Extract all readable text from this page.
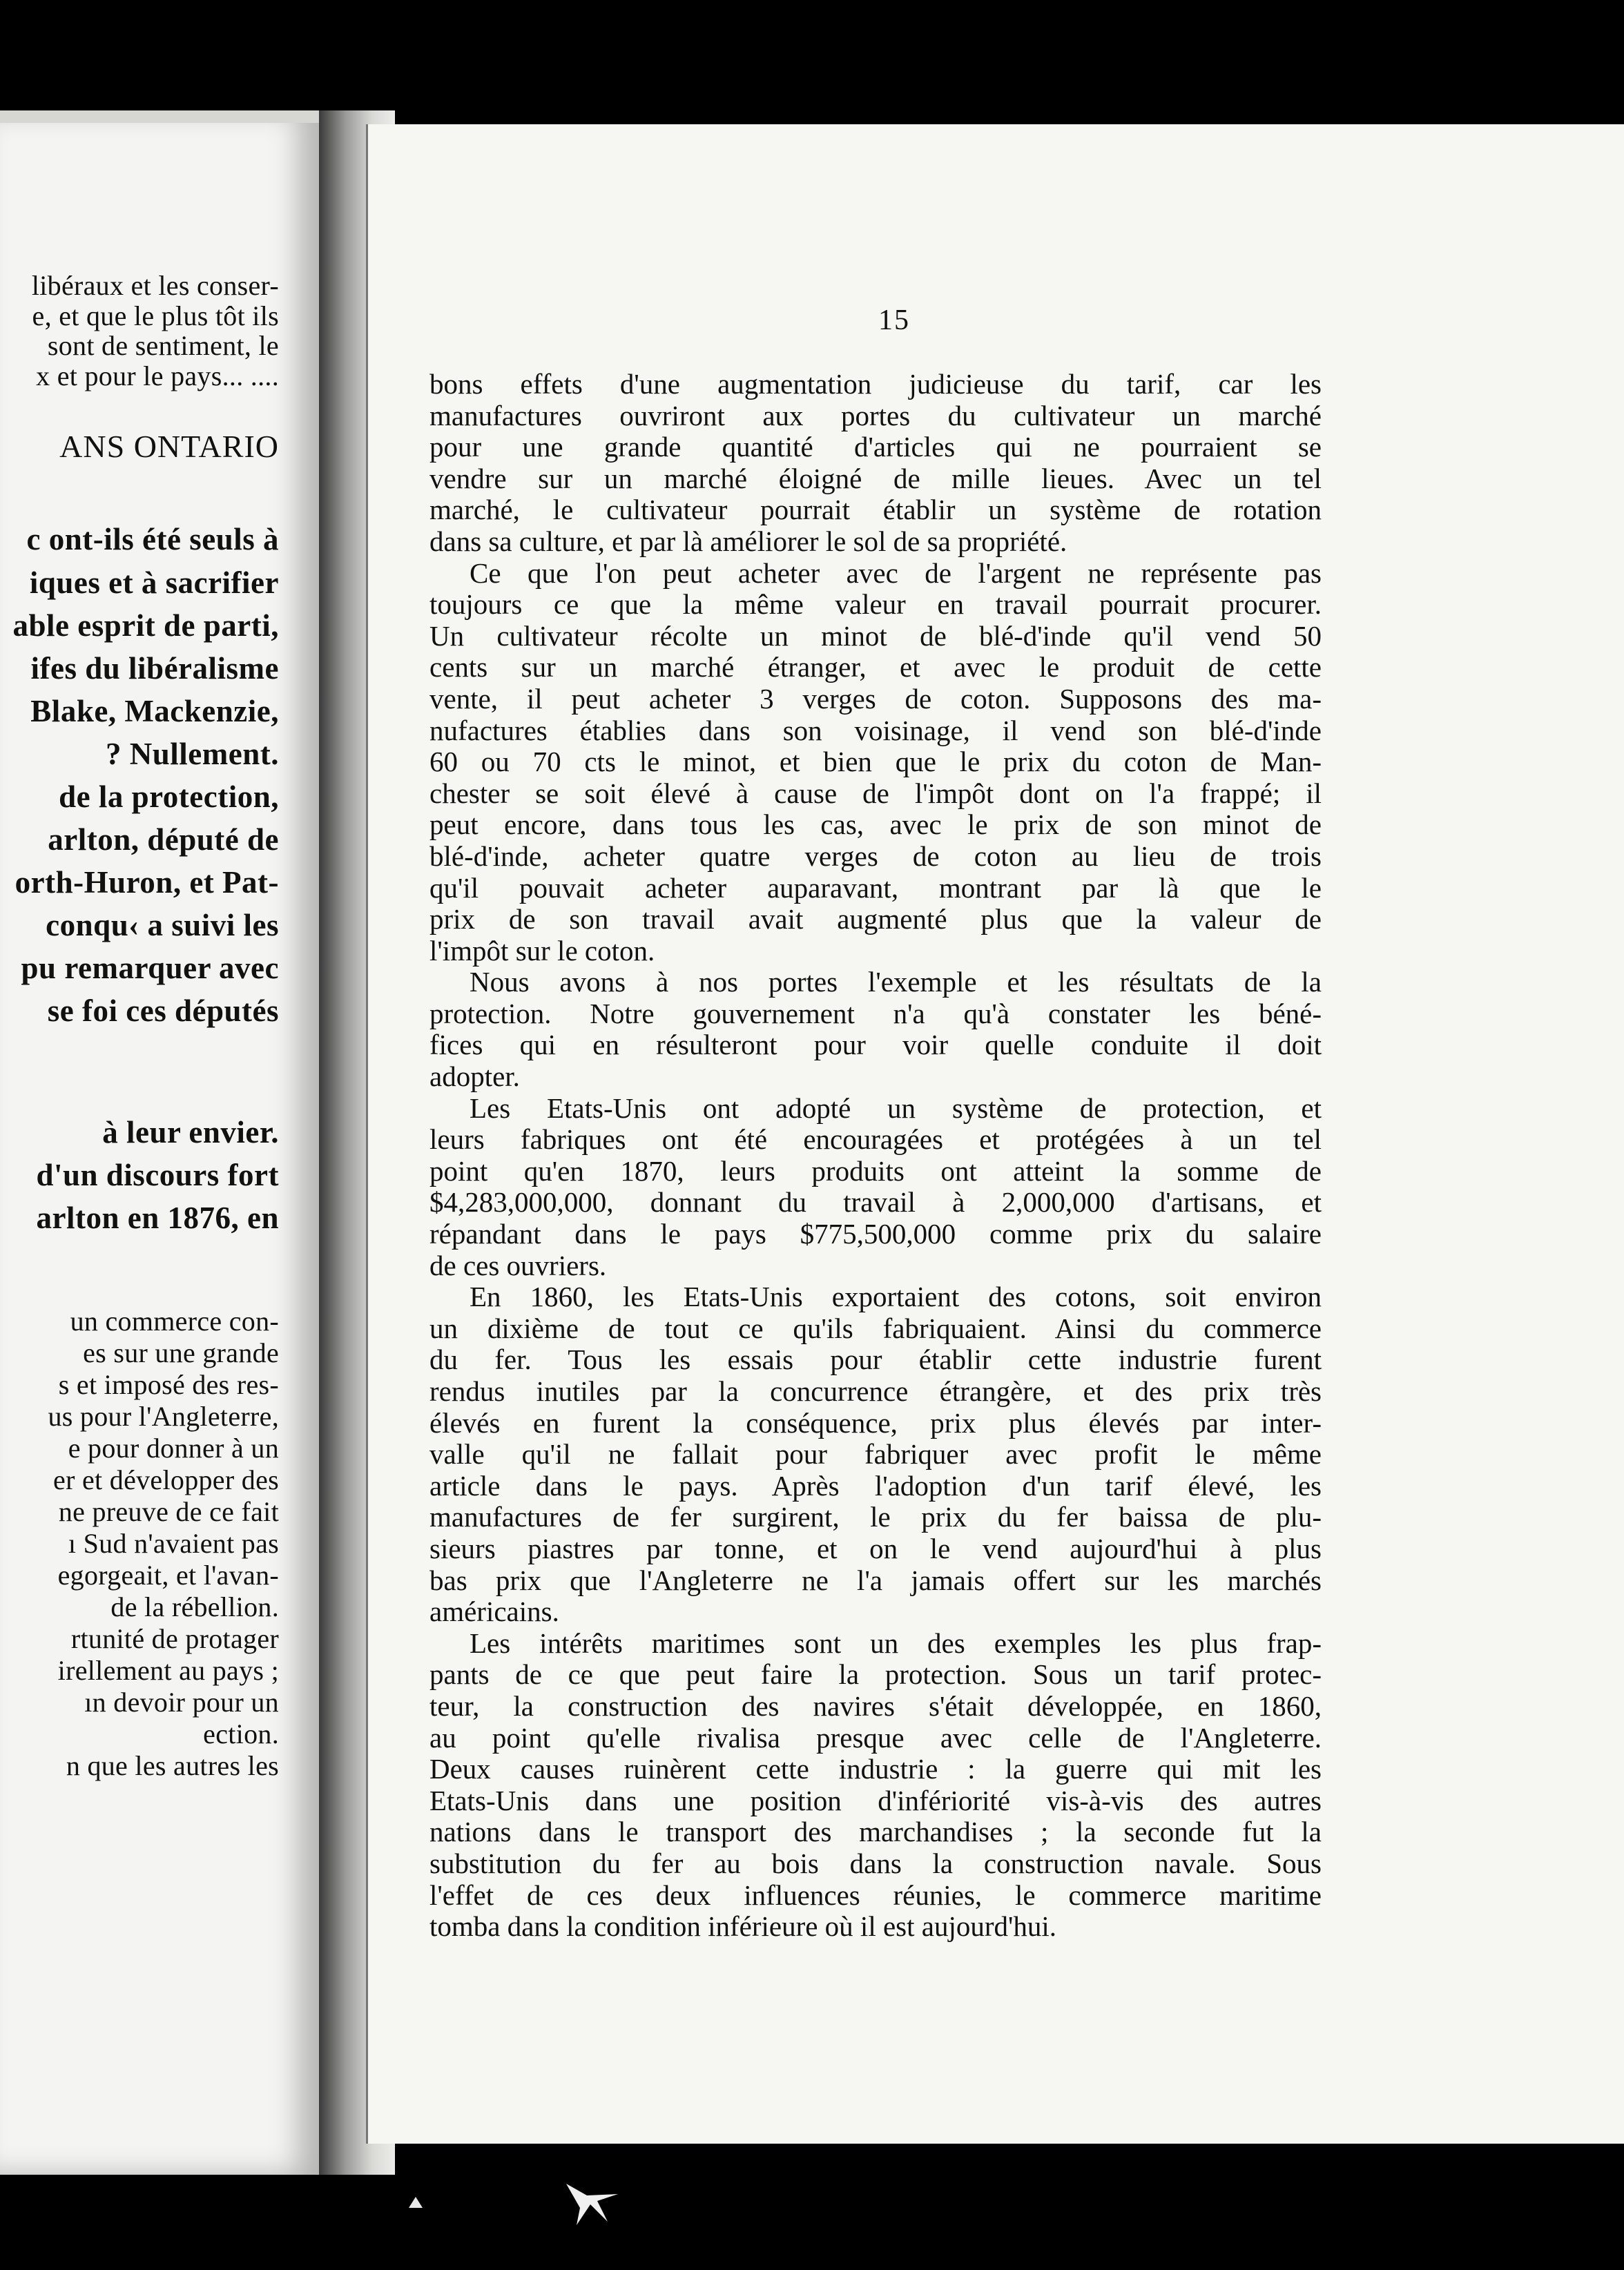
libéraux et les conser-
e, et que le plus tôt ils
sont de sentiment, le
x et pour le pays... ....
ANS ONTARIO
c ont-ils été seuls à
iques et à sacrifier
able esprit de parti,
ifes du libéralisme
Blake, Mackenzie,
? Nullement.
de la protection,
arlton, député de
orth-Huron, et Pat-
conqu‹ a suivi les
pu remarquer avec
se foi ces députés
à leur envier.
d'un discours fort
arlton en 1876, en
un commerce con-
es sur une grande
s et imposé des res-
us pour l'Angleterre,
e pour donner à un
er et développer des
ne preuve de ce fait
ı Sud n'avaient pas
egorgeait, et l'avan-
de la rébellion.
rtunité de protager
irellement au pays ;
ın devoir pour un
ection.
n que les autres les
15
bons effets d'une augmentation judicieuse du tarif, car les
manufactures ouvriront aux portes du cultivateur un marché
pour une grande quantité d'articles qui ne pourraient se
vendre sur un marché éloigné de mille lieues. Avec un tel
marché, le cultivateur pourrait établir un système de rotation
dans sa culture, et par là améliorer le sol de sa propriété.
Ce que l'on peut acheter avec de l'argent ne représente pas
toujours ce que la même valeur en travail pourrait procurer.
Un cultivateur récolte un minot de blé-d'inde qu'il vend 50
cents sur un marché étranger, et avec le produit de cette
vente, il peut acheter 3 verges de coton. Supposons des ma-
nufactures établies dans son voisinage, il vend son blé-d'inde
60 ou 70 cts le minot, et bien que le prix du coton de Man-
chester se soit élevé à cause de l'impôt dont on l'a frappé; il
peut encore, dans tous les cas, avec le prix de son minot de
blé-d'inde, acheter quatre verges de coton au lieu de trois
qu'il pouvait acheter auparavant, montrant par là que le
prix de son travail avait augmenté plus que la valeur de
l'impôt sur le coton.
Nous avons à nos portes l'exemple et les résultats de la
protection. Notre gouvernement n'a qu'à constater les béné-
fices qui en résulteront pour voir quelle conduite il doit
adopter.
Les Etats-Unis ont adopté un système de protection, et
leurs fabriques ont été encouragées et protégées à un tel
point qu'en 1870, leurs produits ont atteint la somme de
$4,283,000,000, donnant du travail à 2,000,000 d'artisans, et
répandant dans le pays $775,500,000 comme prix du salaire
de ces ouvriers.
En 1860, les Etats-Unis exportaient des cotons, soit environ
un dixième de tout ce qu'ils fabriquaient. Ainsi du commerce
du fer. Tous les essais pour établir cette industrie furent
rendus inutiles par la concurrence étrangère, et des prix très
élevés en furent la conséquence, prix plus élevés par inter-
valle qu'il ne fallait pour fabriquer avec profit le même
article dans le pays. Après l'adoption d'un tarif élevé, les
manufactures de fer surgirent, le prix du fer baissa de plu-
sieurs piastres par tonne, et on le vend aujourd'hui à plus
bas prix que l'Angleterre ne l'a jamais offert sur les marchés
américains.
Les intérêts maritimes sont un des exemples les plus frap-
pants de ce que peut faire la protection. Sous un tarif protec-
teur, la construction des navires s'était développée, en 1860,
au point qu'elle rivalisa presque avec celle de l'Angleterre.
Deux causes ruinèrent cette industrie : la guerre qui mit les
Etats-Unis dans une position d'infériorité vis-à-vis des autres
nations dans le transport des marchandises ; la seconde fut la
substitution du fer au bois dans la construction navale. Sous
l'effet de ces deux influences réunies, le commerce maritime
tomba dans la condition inférieure où il est aujourd'hui.
